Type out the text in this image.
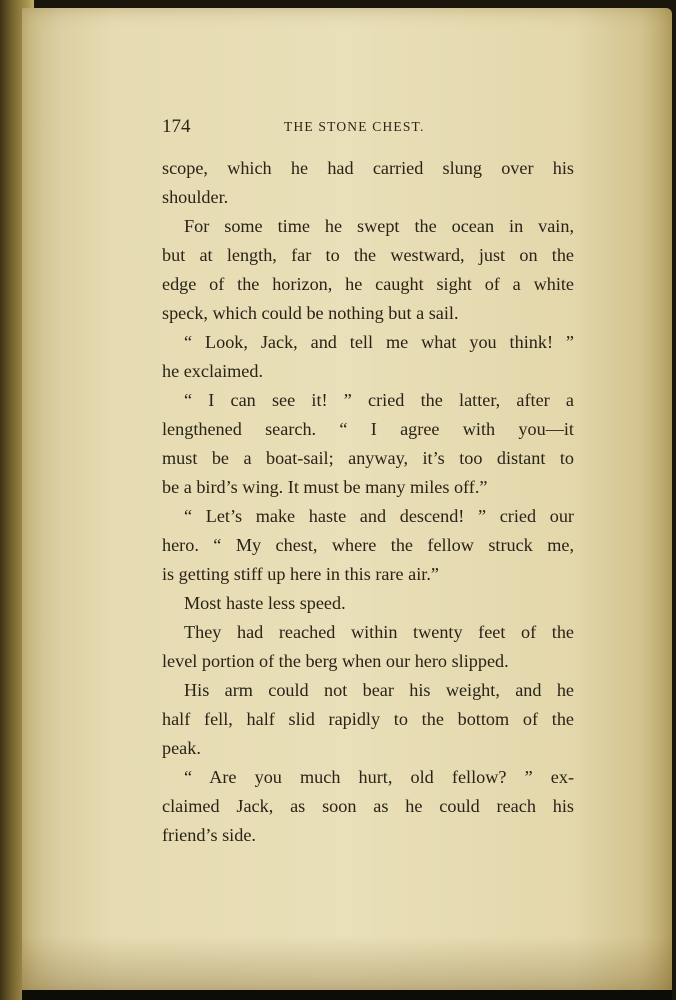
174	THE STONE CHEST.
scope, which he had carried slung over his
shoulder.
For some time he swept the ocean in vain,
but at length, far to the westward, just on the
edge of the horizon, he caught sight of a white
speck, which could be nothing but a sail.
“ Look, Jack, and tell me what you think! ”
he exclaimed.
“ I can see it! ” cried the latter, after a
lengthened search. “ I agree with you—it
must be a boat-sail; anyway, it’s too distant to
be a bird’s wing. It must be many miles off.”
“ Let’s make haste and descend! ” cried our
hero. “ My chest, where the fellow struck me,
is getting stiff up here in this rare air.”
Most haste less speed.
They had reached within twenty feet of the
level portion of the berg when our hero slipped.
His arm could not bear his weight, and he
half fell, half slid rapidly to the bottom of the
peak.
“ Are you much hurt, old fellow? ” ex-
claimed Jack, as soon as he could reach his
friend’s side.
